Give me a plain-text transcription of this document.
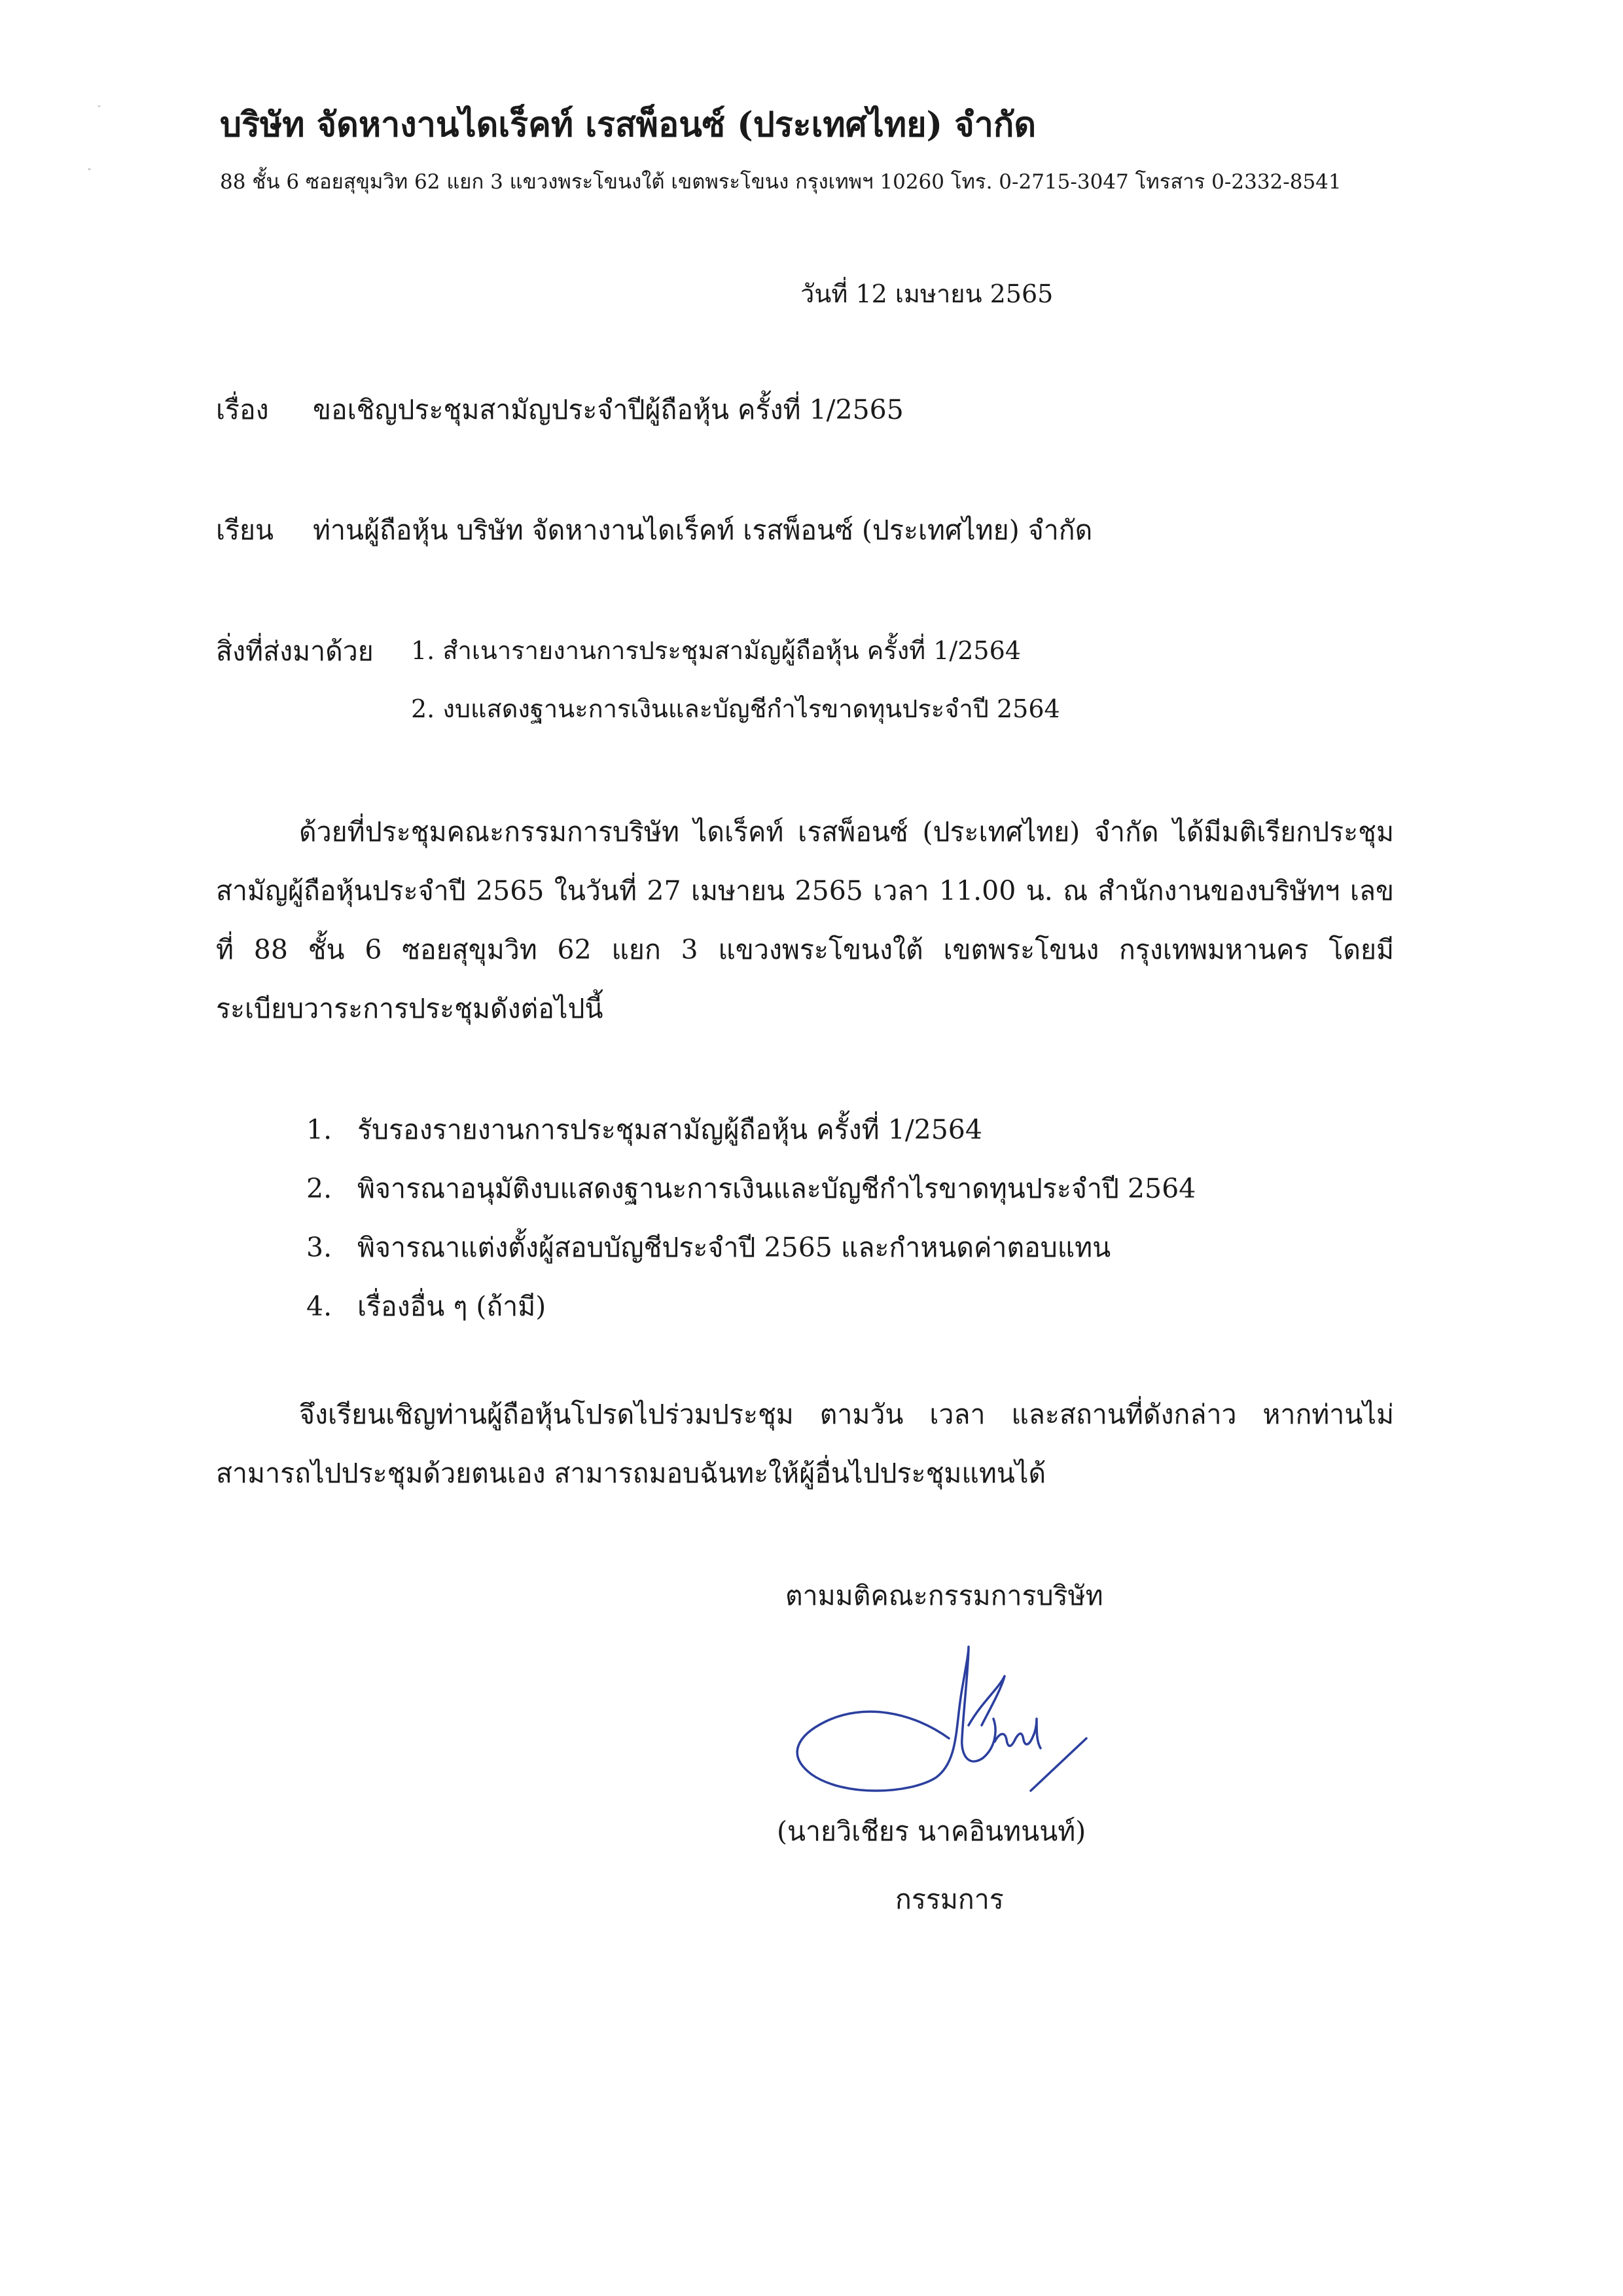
ˇ
˅
บริษัท จัดหางานไดเร็คท์ เรสพ็อนซ์ (ประเทศไทย) จำกัด
88 ชั้น 6 ซอยสุขุมวิท 62 แยก 3 แขวงพระโขนงใต้ เขตพระโขนง กรุงเทพฯ 10260 โทร. 0-2715-3047 โทรสาร 0-2332-8541
วันที่ 12 เมษายน 2565
เรื่อง ขอเชิญประชุมสามัญประจำปีผู้ถือหุ้น ครั้งที่ 1/2565
เรียน ท่านผู้ถือหุ้น บริษัท จัดหางานไดเร็คท์ เรสพ็อนซ์ (ประเทศไทย) จำกัด
สิ่งที่ส่งมาด้วย 1. สำเนารายงานการประชุมสามัญผู้ถือหุ้น ครั้งที่ 1/2564
2. งบแสดงฐานะการเงินและบัญชีกำไรขาดทุนประจำปี 2564
ด้วยที่ประชุมคณะกรรมการบริษัท ไดเร็คท์ เรสพ็อนซ์ (ประเทศไทย) จำกัด ได้มีมติเรียกประชุมสามัญผู้ถือหุ้นประจำปี 2565 ในวันที่ 27 เมษายน 2565 เวลา 11.00 น. ณ สำนักงานของบริษัทฯ เลขที่ 88 ชั้น 6 ซอยสุขุมวิท 62 แยก 3 แขวงพระโขนงใต้ เขตพระโขนง กรุงเทพมหานคร โดยมีระเบียบวาระการประชุมดังต่อไปนี้
1. รับรองรายงานการประชุมสามัญผู้ถือหุ้น ครั้งที่ 1/2564
2. พิจารณาอนุมัติงบแสดงฐานะการเงินและบัญชีกำไรขาดทุนประจำปี 2564
3. พิจารณาแต่งตั้งผู้สอบบัญชีประจำปี 2565 และกำหนดค่าตอบแทน
4. เรื่องอื่น ๆ (ถ้ามี)
จึงเรียนเชิญท่านผู้ถือหุ้นโปรดไปร่วมประชุม ตามวัน เวลา และสถานที่ดังกล่าว หากท่านไม่สามารถไปประชุมด้วยตนเอง สามารถมอบฉันทะให้ผู้อื่นไปประชุมแทนได้
ตามมติคณะกรรมการบริษัท
(นายวิเชียร นาคอินทนนท์)
กรรมการ
